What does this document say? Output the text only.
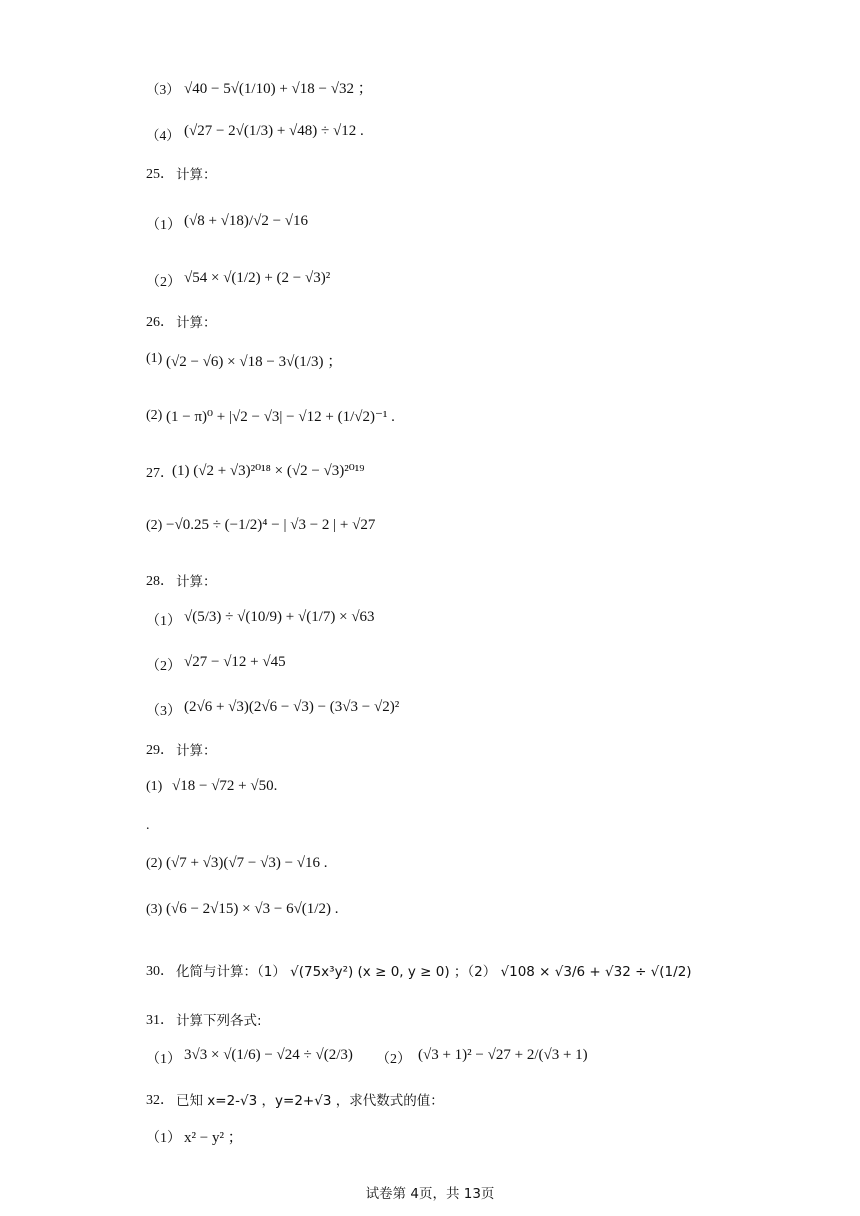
（3） √40 − 5√(1/10) + √18 − √32 ；
（4） (√27 − 2√(1/3) + √48) ÷ √12 .
25． 计算：
（1） (√8 + √18)/√2 − √16
（2） √54 × √(1/2) + (2 − √3)²
26． 计算：
(1) (√2 − √6) × √18 − 3√(1/3) ；
(2) (1 − π)⁰ + |√2 − √3| − √12 + (1/√2)⁻¹ .
27．
(1) (√2 + √3)²⁰¹⁸ × (√2 − √3)²⁰¹⁹
(2) −√0.25 ÷ (−1/2)⁴ − | √3 − 2 | + √27
28． 计算：
（1） √(5/3) ÷ √(10/9) + √(1/7) × √63
（2） √27 − √12 + √45
（3） (2√6 + √3)(2√6 − √3) − (3√3 − √2)²
29． 计算：
(1) √18 − √72 + √50.
.
(2) (√7 + √3)(√7 − √3) − √16 .
(3) (√6 − 2√15) × √3 − 6√(1/2) .
30． 化简与计算：（1） √(75x³y²) (x ≥ 0, y ≥ 0) ；（2） √108 × √3/6 + √32 ÷ √(1/2)
31． 计算下列各式:
（1） 3√3 × √(1/6) − √24 ÷ √(2/3) （2） (√3 + 1)² − √27 + 2/(√3 + 1)
32． 已知 x=2-√3 ，y=2+√3 ，求代数式的值：
（1） x² − y² ；
试卷第 4页，共 13页
